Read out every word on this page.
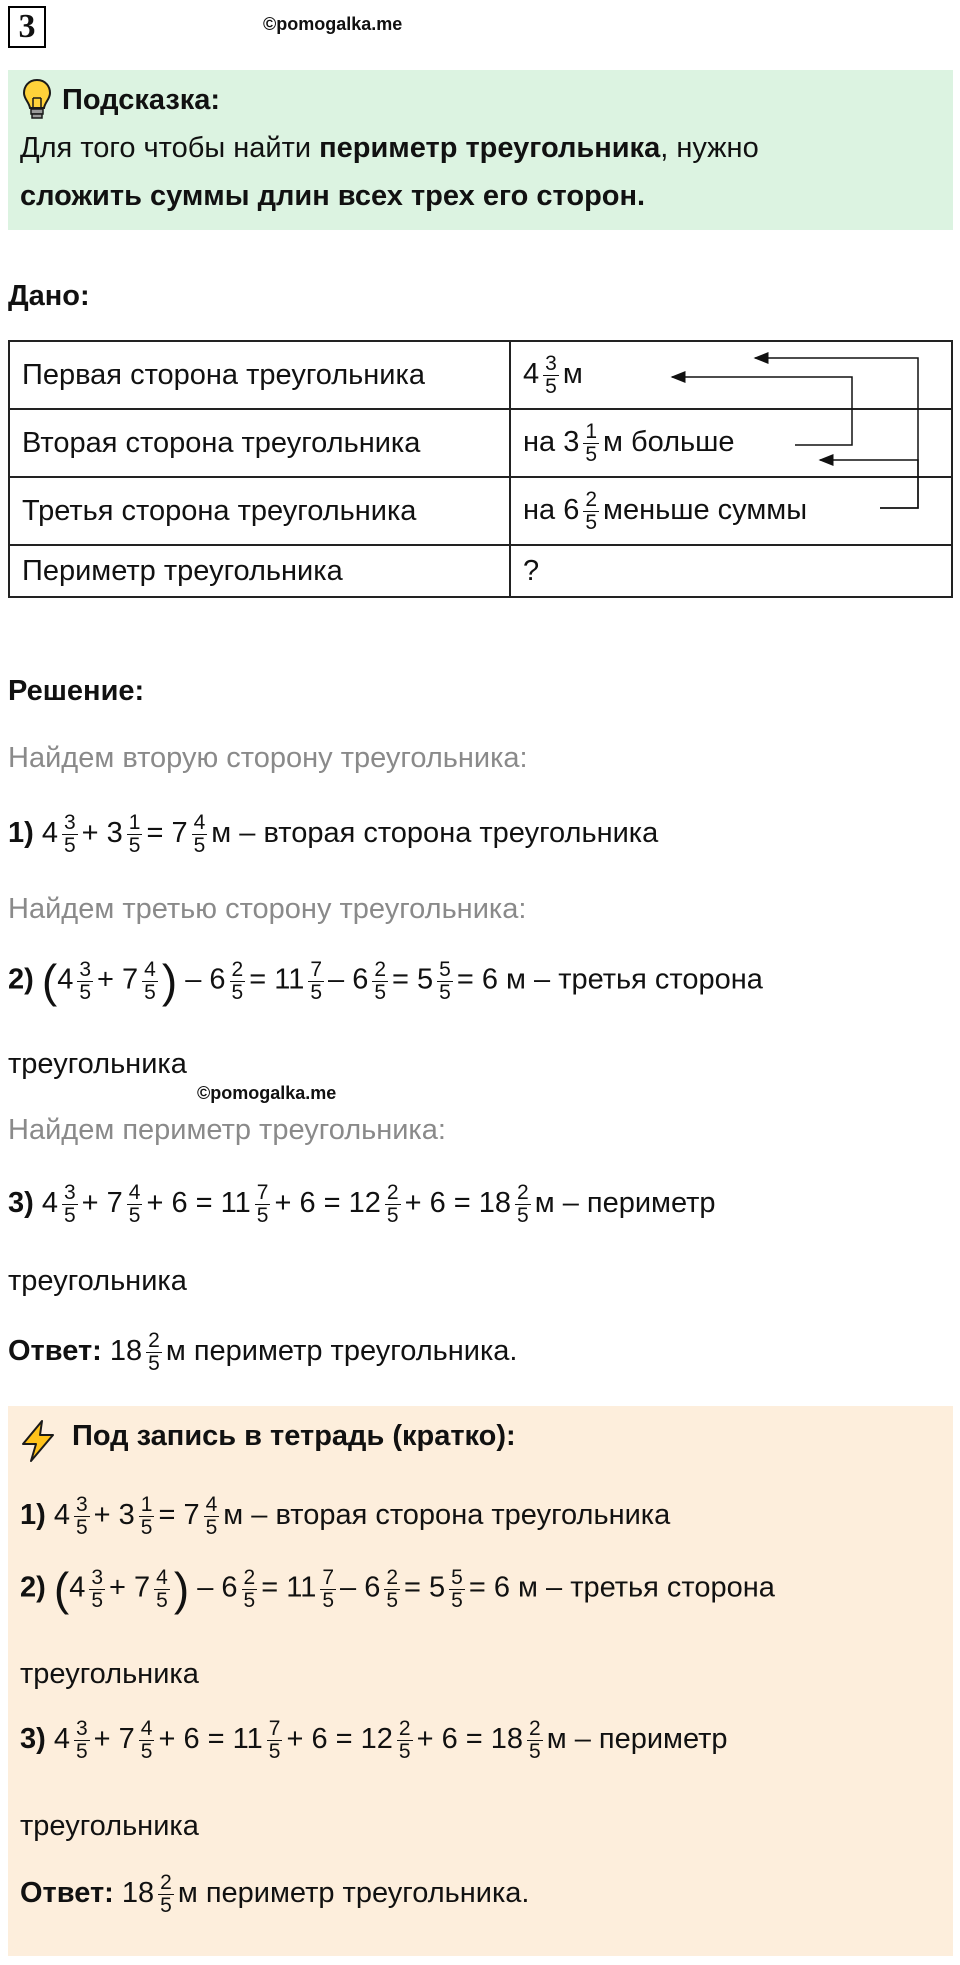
3	©pomogalka.me
Подсказка:
Для того чтобы найти периметр треугольника, нужно
сложить суммы длин всех трех его сторон.
Дано:
Первая сторона треугольника	$4 \frac{3}{5}$ м
Вторая сторона треугольника	на $3 \frac{1}{5}$ м больше
Третья сторона треугольника	на $6 \frac{2}{5}$ меньше суммы
Периметр треугольника	?
Решение:
Найдем вторую сторону треугольника:
1) $4 \frac{3}{5} + 3 \frac{1}{5} = 7 \frac{4}{5}$ м – вторая сторона треугольника
Найдем третью сторону треугольника:
2) ($4 \frac{3}{5} + 7 \frac{4}{5}$ ) – $6 \frac{2}{5} = 11 \frac{7}{5} - 6 \frac{2}{5} = 5 \frac{5}{5} = 6$ м – третья сторона
треугольника
©pomogalka.me
Найдем периметр треугольника:
3) $4 \frac{3}{5} + 7 \frac{4}{5} + 6 = 11 \frac{7}{5} + 6 = 12 \frac{2}{5} + 6 = 18 \frac{2}{5}$ м – периметр
треугольника
Ответ: $18 \frac{2}{5}$ м периметр треугольника.
Под запись в тетрадь (кратко):
1) $4 \frac{3}{5} + 3 \frac{1}{5} = 7 \frac{4}{5}$ м – вторая сторона треугольника
2) ($4 \frac{3}{5} + 7 \frac{4}{5}$ ) – $6 \frac{2}{5} = 11 \frac{7}{5} - 6 \frac{2}{5} = 5 \frac{5}{5} = 6$ м – третья сторона
треугольника
3) $4 \frac{3}{5} + 7 \frac{4}{5} + 6 = 11 \frac{7}{5} + 6 = 12 \frac{2}{5} + 6 = 18 \frac{2}{5}$ м – периметр
треугольника
Ответ: $18 \frac{2}{5}$ м периметр треугольника.
